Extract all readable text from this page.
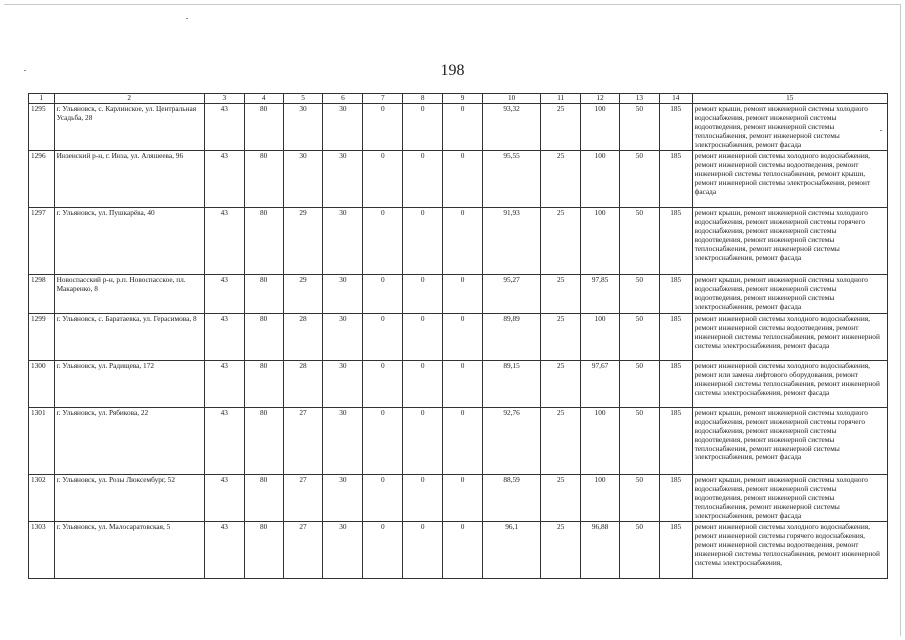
198
1	2	3	4	5	6	7	8	9	10	11	12	13	14	15
1295	г. Ульяновск, с. Карлинское, ул. Центральная Усадьба, 28	43	80	30	30	0	0	0	93,32	25	100	50	185	ремонт крыши, ремонт инженерной системы холодного водоснабжения, ремонт инженерной системы водоотведения, ремонт инженерной системы теплоснабжения, ремонт инженерной системы электроснабжения, ремонт фасада
1296	Инзенский р-н, г. Инза, ул. Аляшеева, 96	43	80	30	30	0	0	0	95,55	25	100	50	185	ремонт инженерной системы холодного водоснабжения, ремонт инженерной системы водоотведения, ремонт инженерной системы теплоснабжения, ремонт крыши, ремонт инженерной системы электроснабжения, ремонт фасада
1297	г. Ульяновск, ул. Пушкарёва, 40	43	80	29	30	0	0	0	91,93	25	100	50	185	ремонт крыши, ремонт инженерной системы холодного водоснабжения, ремонт инженерной системы горячего водоснабжения, ремонт инженерной системы водоотведения, ремонт инженерной системы теплоснабжения, ремонт инженерной системы электроснабжения, ремонт фасада
1298	Новоспасский р-н, р.п. Новоспасское, пл. Макаренко, 8	43	80	29	30	0	0	0	95,27	25	97,85	50	185	ремонт крыши, ремонт инженерной системы холодного водоснабжения, ремонт инженерной системы водоотведения, ремонт инженерной системы электроснабжения, ремонт фасада
1299	г. Ульяновск, с. Баратаевка, ул. Герасимова, 8	43	80	28	30	0	0	0	89,89	25	100	50	185	ремонт инженерной системы холодного водоснабжения, ремонт инженерной системы водоотведения, ремонт инженерной системы теплоснабжения, ремонт инженерной системы электроснабжения, ремонт фасада
1300	г. Ульяновск, ул. Радищева, 172	43	80	28	30	0	0	0	89,15	25	97,67	50	185	ремонт инженерной системы холодного водоснабжения, ремонт или замена лифтового оборудования, ремонт инженерной системы теплоснабжения, ремонт инженерной системы электроснабжения, ремонт фасада
1301	г. Ульяновск, ул. Рябикова, 22	43	80	27	30	0	0	0	92,76	25	100	50	185	ремонт крыши, ремонт инженерной системы холодного водоснабжения, ремонт инженерной системы горячего водоснабжения, ремонт инженерной системы водоотведения, ремонт инженерной системы теплоснабжения, ремонт инженерной системы электроснабжения, ремонт фасада
1302	г. Ульяновск, ул. Розы Люксембург, 52	43	80	27	30	0	0	0	88,59	25	100	50	185	ремонт крыши, ремонт инженерной системы холодного водоснабжения, ремонт инженерной системы водоотведения, ремонт инженерной системы теплоснабжения, ремонт инженерной системы электроснабжения, ремонт фасада
1303	г. Ульяновск, ул. Малосаратовская, 5	43	80	27	30	0	0	0	96,1	25	96,88	50	185	ремонт инженерной системы холодного водоснабжения, ремонт инженерной системы горячего водоснабжения, ремонт инженерной системы водоотведения, ремонт инженерной системы теплоснабжения, ремонт инженерной системы электроснабжения,
